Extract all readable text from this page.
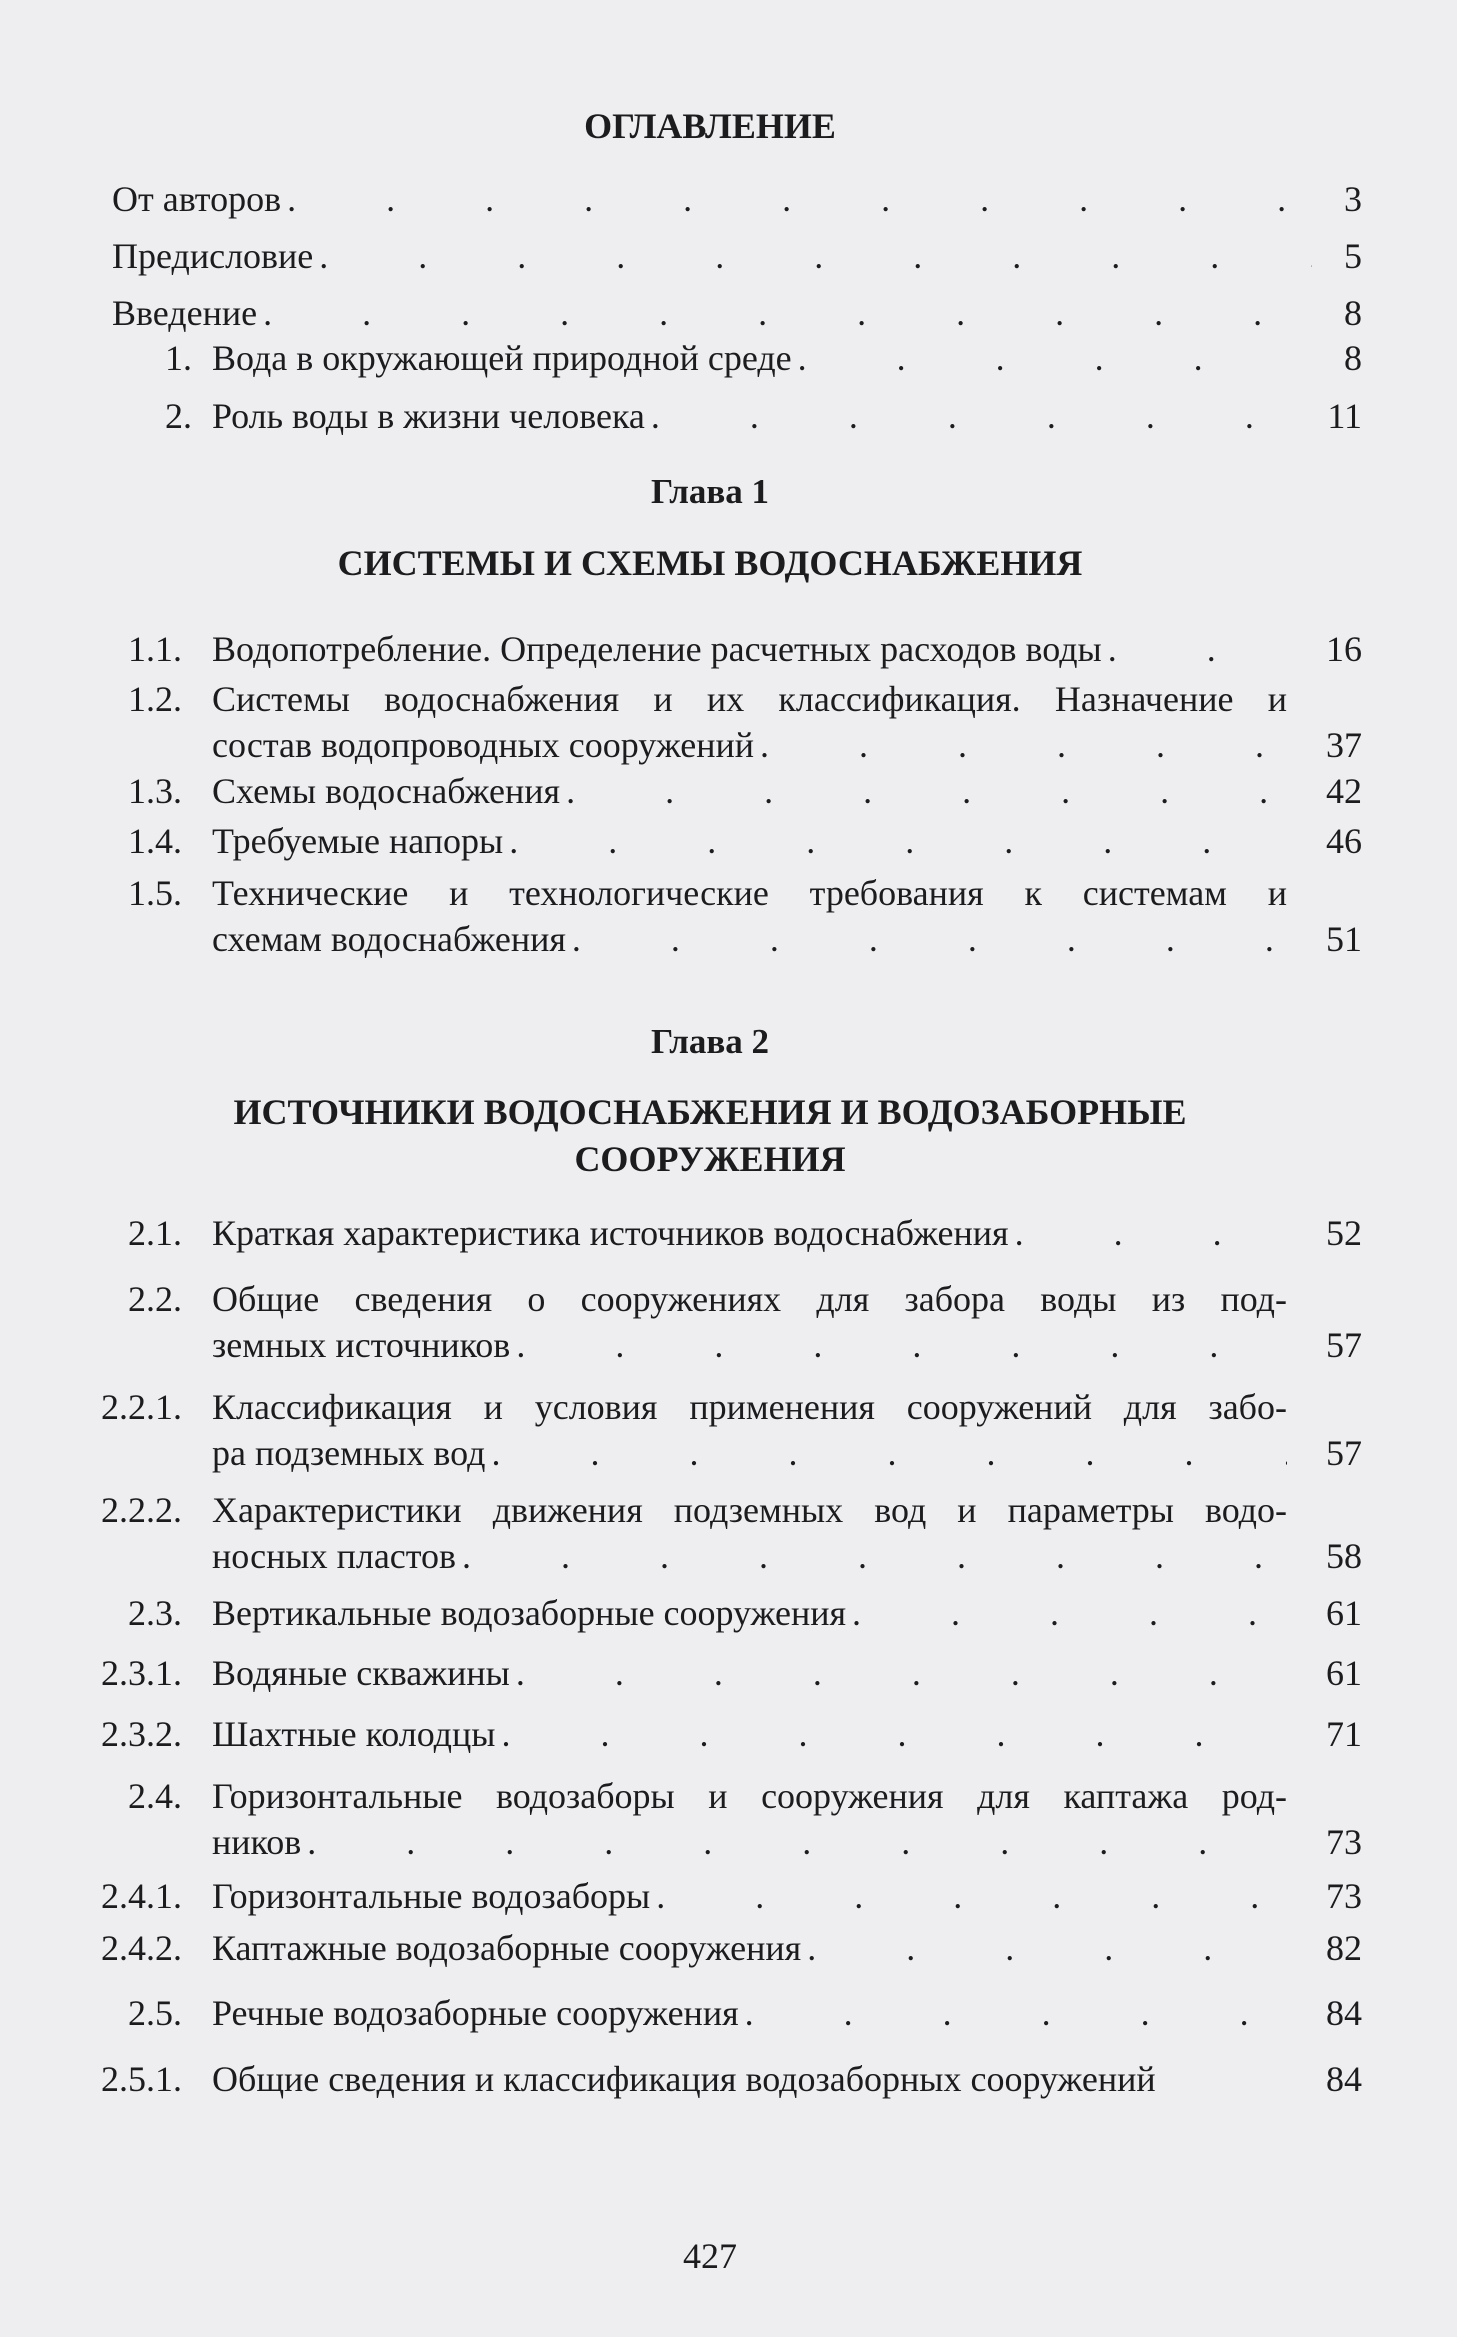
ОГЛАВЛЕНИЕ
От авторов .	3
Предисловие .	5
Введение .	8
1. Вода в окружающей природной среде .	8
2. Роль воды в жизни человека .	11
Глава 1
СИСТЕМЫ И СХЕМЫ ВОДОСНАБЖЕНИЯ
1.1. Водопотребление. Определение расчетных расходов воды .	16
1.2. Системы водоснабжения и их классификация. Назначение и
состав водопроводных сооружений .	37
1.3. Схемы водоснабжения .	42
1.4. Требуемые напоры .	46
1.5. Технические и технологические требования к системам и
схемам водоснабжения .	51
Глава 2
ИСТОЧНИКИ ВОДОСНАБЖЕНИЯ И ВОДОЗАБОРНЫЕ
СООРУЖЕНИЯ
2.1. Краткая характеристика источников водоснабжения .	52
2.2. Общие сведения о сооружениях для забора воды из под-
земных источников .	57
2.2.1. Классификация и условия применения сооружений для забо-
ра подземных вод .	57
2.2.2. Характеристики движения подземных вод и параметры водо-
носных пластов .	58
2.3. Вертикальные водозаборные сооружения .	61
2.3.1. Водяные скважины .	61
2.3.2. Шахтные колодцы .	71
2.4. Горизонтальные водозаборы и сооружения для каптажа род-
ников .	73
2.4.1. Горизонтальные водозаборы .	73
2.4.2. Каптажные водозаборные сооружения .	82
2.5. Речные водозаборные сооружения .	84
2.5.1. Общие сведения и классификация водозаборных сооружений	84
427
